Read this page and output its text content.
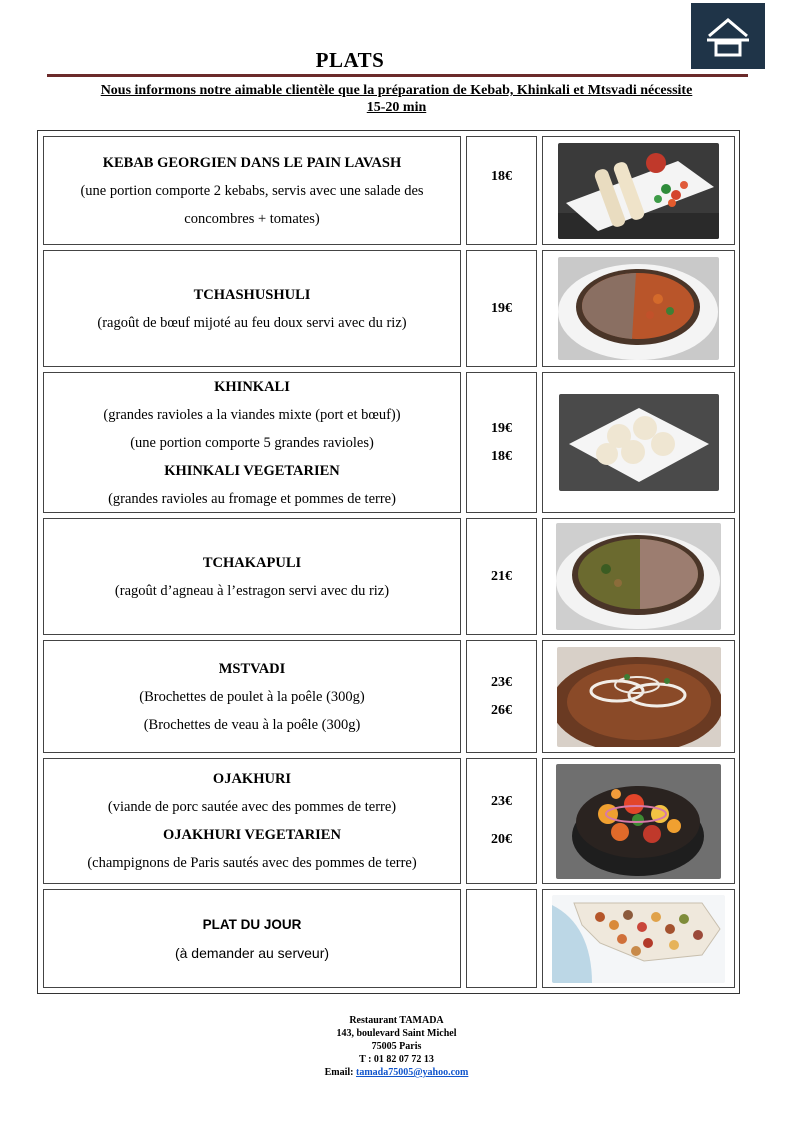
PLATS
Nous informons notre aimable clientèle que la préparation de Kebab, Khinkali et Mtsvadi nécessite
15-20 min
KEBAB GEORGIEN DANS LE PAIN LAVASH
(une portion comporte 2 kebabs, servis avec une salade des
concombres + tomates)
18€
TCHASHUSHULI
(ragoût de bœuf mijoté au feu doux servi avec du riz)
19€
KHINKALI
(grandes ravioles a la viandes mixte (port et bœuf))
(une portion comporte 5 grandes ravioles)
KHINKALI VEGETARIEN
(grandes ravioles au fromage et pommes de terre)
19€
18€
TCHAKAPULI
(ragoût d’agneau à l’estragon servi avec du riz)
21€
MSTVADI
(Brochettes de poulet à la poêle (300g)
(Brochettes de veau à la poêle (300g)
23€
26€
OJAKHURI
(viande de porc sautée avec des pommes de terre)
OJAKHURI VEGETARIEN
(champignons de Paris sautés avec des pommes de terre)
23€
20€
PLAT DU JOUR
(à demander au serveur)
Restaurant TAMADA
143, boulevard Saint Michel
75005 Paris
T : 01 82 07 72 13
Email: tamada75005@yahoo.com
